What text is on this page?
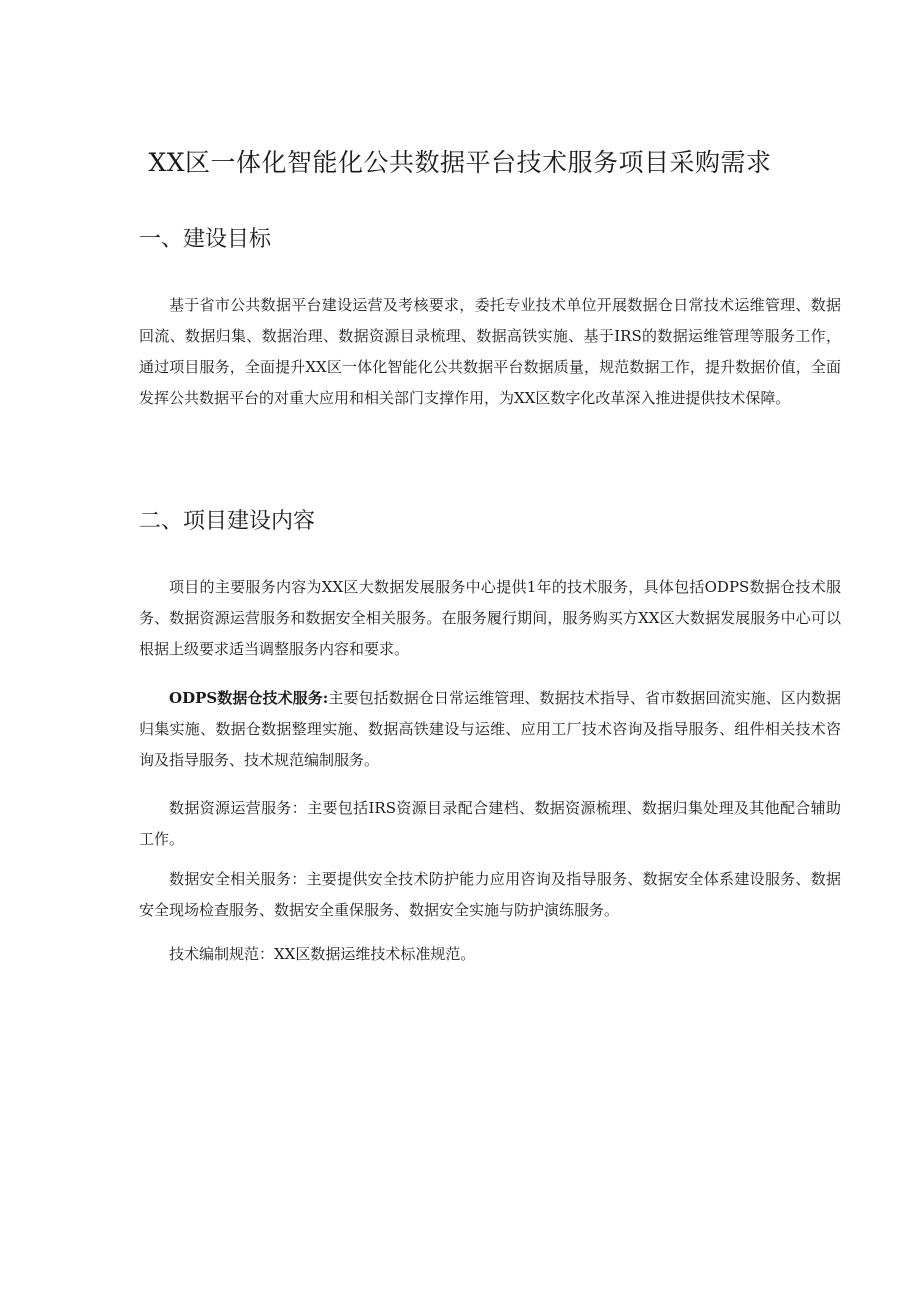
XX区一体化智能化公共数据平台技术服务项目采购需求
一、建设目标

基于省市公共数据平台建设运营及考核要求，委托专业技术单位开展数据仓日常技术运维管理、数据回流、数据归集、数据治理、数据资源目录梳理、数据高铁实施、基于IRS的数据运维管理等服务工作，通过项目服务，全面提升XX区一体化智能化公共数据平台数据质量，规范数据工作，提升数据价值，全面发挥公共数据平台的对重大应用和相关部门支撑作用，为XX区数字化改革深入推进提供技术保障。

二、项目建设内容

项目的主要服务内容为XX区大数据发展服务中心提供1年的技术服务，具体包括ODPS数据仓技术服务、数据资源运营服务和数据安全相关服务。在服务履行期间，服务购买方XX区大数据发展服务中心可以根据上级要求适当调整服务内容和要求。

ODPS数据仓技术服务:主要包括数据仓日常运维管理、数据技术指导、省市数据回流实施、区内数据归集实施、数据仓数据整理实施、数据高铁建设与运维、应用工厂技术咨询及指导服务、组件相关技术咨询及指导服务、技术规范编制服务。

数据资源运营服务：主要包括IRS资源目录配合建档、数据资源梳理、数据归集处理及其他配合辅助工作。

数据安全相关服务：主要提供安全技术防护能力应用咨询及指导服务、数据安全体系建设服务、数据安全现场检查服务、数据安全重保服务、数据安全实施与防护演练服务。

技术编制规范：XX区数据运维技术标准规范。
